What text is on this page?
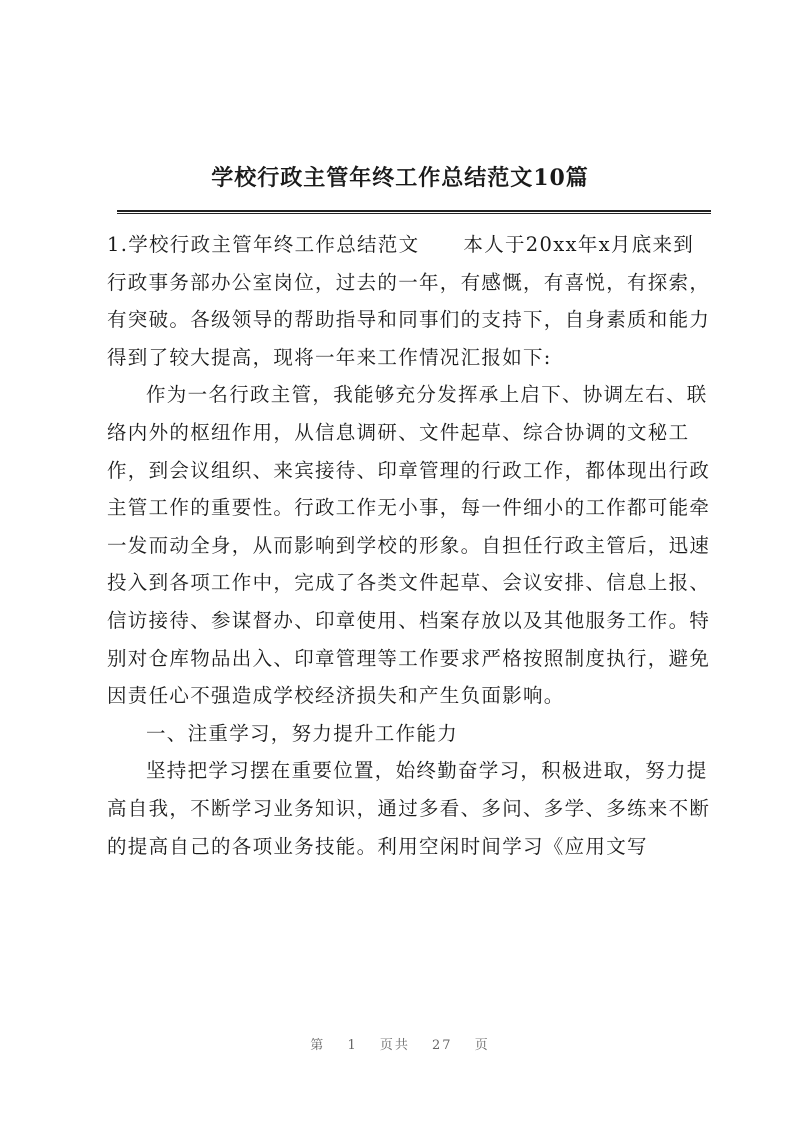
学校行政主管年终工作总结范文10篇

1.学校行政主管年终工作总结范文 本人于20xx年x月底来到行政事务部办公室岗位，过去的一年，有感慨，有喜悦，有探索，有突破。各级领导的帮助指导和同事们的支持下，自身素质和能力得到了较大提高，现将一年来工作情况汇报如下:

作为一名行政主管，我能够充分发挥承上启下、协调左右、联络内外的枢纽作用，从信息调研、文件起草、综合协调的文秘工作，到会议组织、来宾接待、印章管理的行政工作，都体现出行政主管工作的重要性。行政工作无小事，每一件细小的工作都可能牵一发而动全身，从而影响到学校的形象。自担任行政主管后，迅速投入到各项工作中，完成了各类文件起草、会议安排、信息上报、信访接待、参谋督办、印章使用、档案存放以及其他服务工作。特别对仓库物品出入、印章管理等工作要求严格按照制度执行，避免因责任心不强造成学校经济损失和产生负面影响。

一、注重学习，努力提升工作能力

坚持把学习摆在重要位置，始终勤奋学习，积极进取，努力提高自我，不断学习业务知识，通过多看、多问、多学、多练来不断的提高自己的各项业务技能。利用空闲时间学习《应用文写

第 1 页共 27 页
